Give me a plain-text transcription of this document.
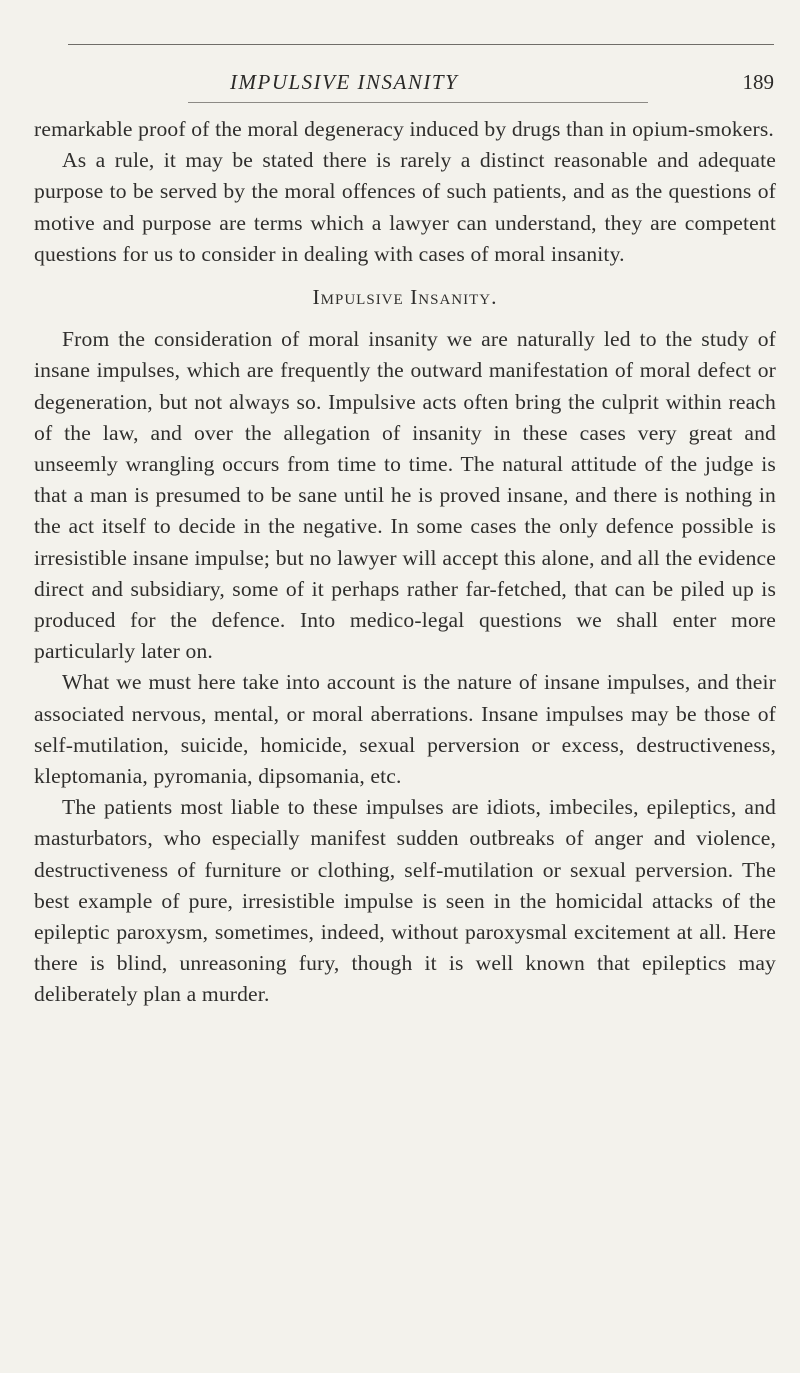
IMPULSIVE INSANITY	189

remarkable proof of the moral degeneracy induced by drugs than in opium-smokers.

As a rule, it may be stated there is rarely a distinct reasonable and adequate purpose to be served by the moral offences of such patients, and as the questions of motive and purpose are terms which a lawyer can understand, they are competent questions for us to consider in dealing with cases of moral insanity.

Impulsive Insanity.

From the consideration of moral insanity we are naturally led to the study of insane impulses, which are frequently the outward manifestation of moral defect or degeneration, but not always so. Impulsive acts often bring the culprit within reach of the law, and over the allegation of insanity in these cases very great and unseemly wrangling occurs from time to time. The natural attitude of the judge is that a man is presumed to be sane until he is proved insane, and there is nothing in the act itself to decide in the negative. In some cases the only defence possible is irresistible insane impulse; but no lawyer will accept this alone, and all the evidence direct and subsidiary, some of it perhaps rather far-fetched, that can be piled up is produced for the defence. Into medico-legal questions we shall enter more particularly later on.

What we must here take into account is the nature of insane impulses, and their associated nervous, mental, or moral aberrations. Insane impulses may be those of self-mutilation, suicide, homicide, sexual perversion or excess, destructiveness, kleptomania, pyromania, dipsomania, etc.

The patients most liable to these impulses are idiots, imbeciles, epileptics, and masturbators, who especially manifest sudden outbreaks of anger and violence, destructiveness of furniture or clothing, self-mutilation or sexual perversion. The best example of pure, irresistible impulse is seen in the homicidal attacks of the epileptic paroxysm, sometimes, indeed, without paroxysmal excitement at all. Here there is blind, unreasoning fury, though it is well known that epileptics may deliberately plan a murder.
